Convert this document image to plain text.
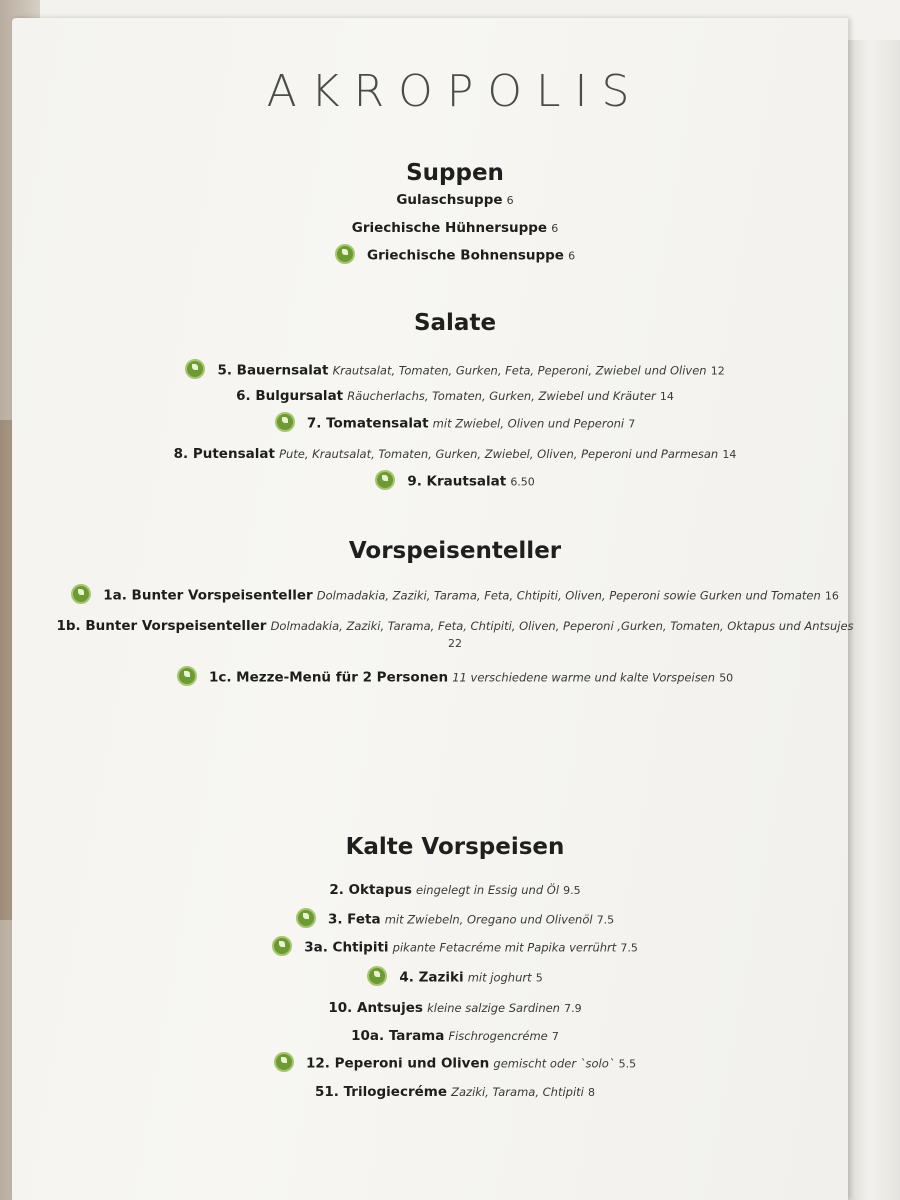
AKROPOLIS
Suppen
Gulaschsuppe 6
Griechische Hühnersuppe 6
Griechische Bohnensuppe 6
Salate
5. Bauernsalat Krautsalat, Tomaten, Gurken, Feta, Peperoni, Zwiebel und Oliven 12
6. Bulgursalat Räucherlachs, Tomaten, Gurken, Zwiebel und Kräuter 14
7. Tomatensalat mit Zwiebel, Oliven und Peperoni 7
8. Putensalat Pute, Krautsalat, Tomaten, Gurken, Zwiebel, Oliven, Peperoni und Parmesan 14
9. Krautsalat 6.50
Vorspeisenteller
1a. Bunter Vorspeisenteller Dolmadakia, Zaziki, Tarama, Feta, Chtipiti, Oliven, Peperoni sowie Gurken und Tomaten 16
1b. Bunter Vorspeisenteller Dolmadakia, Zaziki, Tarama, Feta, Chtipiti, Oliven, Peperoni ,Gurken, Tomaten, Oktapus und Antsujes 22
1c. Mezze-Menü für 2 Personen 11 verschiedene warme und kalte Vorspeisen 50
Kalte Vorspeisen
2. Oktapus eingelegt in Essig und Öl 9.5
3. Feta mit Zwiebeln, Oregano und Olivenöl 7.5
3a. Chtipiti pikante Fetacréme mit Papika verrührt 7.5
4. Zaziki mit joghurt 5
10. Antsujes kleine salzige Sardinen 7.9
10a. Tarama Fischrogencréme 7
12. Peperoni und Oliven gemischt oder `solo` 5.5
51. Trilogiecréme Zaziki, Tarama, Chtipiti 8
